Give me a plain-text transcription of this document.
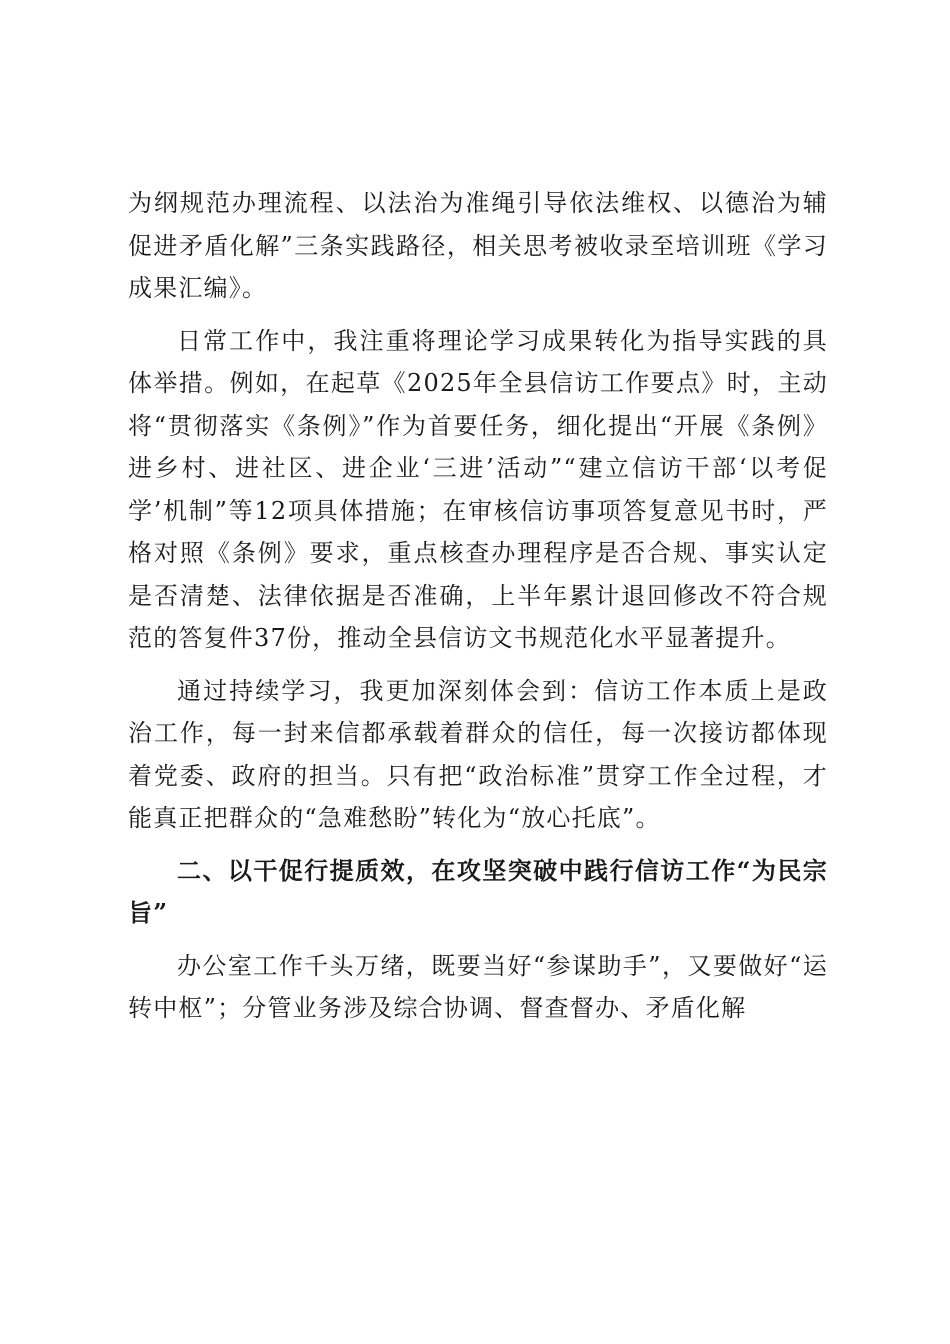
为纲规范办理流程、以法治为准绳引导依法维权、以德治为辅促进矛盾化解”三条实践路径，相关思考被收录至培训班《学习成果汇编》。

日常工作中，我注重将理论学习成果转化为指导实践的具体举措。例如，在起草《2025年全县信访工作要点》时，主动将“贯彻落实《条例》”作为首要任务，细化提出“开展《条例》进乡村、进社区、进企业‘三进’活动”“建立信访干部‘以考促学’机制”等12项具体措施；在审核信访事项答复意见书时，严格对照《条例》要求，重点核查办理程序是否合规、事实认定是否清楚、法律依据是否准确，上半年累计退回修改不符合规范的答复件37份，推动全县信访文书规范化水平显著提升。

通过持续学习，我更加深刻体会到：信访工作本质上是政治工作，每一封来信都承载着群众的信任，每一次接访都体现着党委、政府的担当。只有把“政治标准”贯穿工作全过程，才能真正把群众的“急难愁盼”转化为“放心托底”。

二、以干促行提质效，在攻坚突破中践行信访工作“为民宗旨”

办公室工作千头万绪，既要当好“参谋助手”，又要做好“运转中枢”；分管业务涉及综合协调、督查督办、矛盾化解
